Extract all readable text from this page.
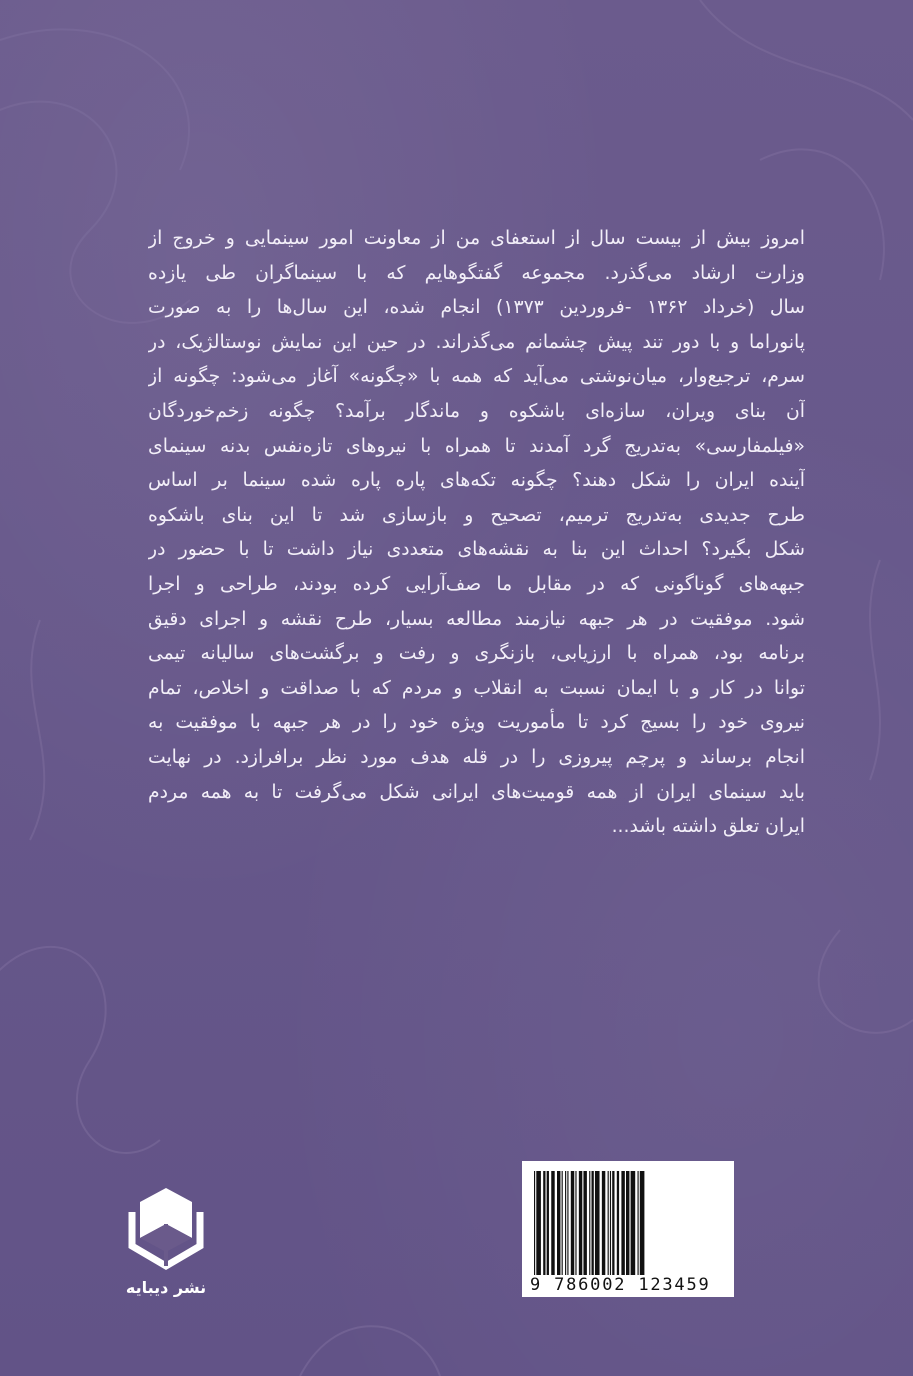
امروز بیش از بیست سال از استعفای من از معاونت امور سینمایی و خروج از
وزارت ارشاد می‌گذرد. مجموعه گفتگوهایم که با سینماگران طی یازده
سال (خرداد ۱۳۶۲ -فروردین ۱۳۷۳) انجام شده، این سال‌ها را به صورت
پانوراما و با دور تند پیش چشمانم می‌گذراند. در حین این نمایش نوستالژیک، در
سرم، ترجیع‌وار، میان‌نوشتی می‌آید که همه با «چگونه» آغاز می‌شود: چگونه از
آن بنای ویران، سازه‌ای باشکوه و ماندگار برآمد؟ چگونه زخم‌خوردگان
«فیلمفارسی» به‌تدریج گرد آمدند تا همراه با نیروهای تازه‌نفس بدنه سینمای
آینده ایران را شکل دهند؟ چگونه تکه‌های پاره پاره شده سینما بر اساس
طرح جدیدی به‌تدریج ترمیم، تصحیح و بازسازی شد تا این بنای باشکوه
شکل بگیرد؟ احداث این بنا به نقشه‌های متعددی نیاز داشت تا با حضور در
جبهه‌های گوناگونی که در مقابل ما صف‌آرایی کرده بودند، طراحی و اجرا
شود. موفقیت در هر جبهه نیازمند مطالعه بسیار، طرح نقشه و اجرای دقیق
برنامه بود، همراه با ارزیابی، بازنگری و رفت و برگشت‌های سالیانه تیمی
توانا در کار و با ایمان نسبت به انقلاب و مردم که با صداقت و اخلاص، تمام
نیروی خود را بسیج کرد تا مأموریت ویژه خود را در هر جبهه با موفقیت به
انجام برساند و پرچم پیروزی را در قله هدف مورد نظر برافرازد. در نهایت
باید سینمای ایران از همه قومیت‌های ایرانی شکل می‌گرفت تا به همه مردم
ایران تعلق داشته باشد...
نشر دیبایه	9 786002 123459
